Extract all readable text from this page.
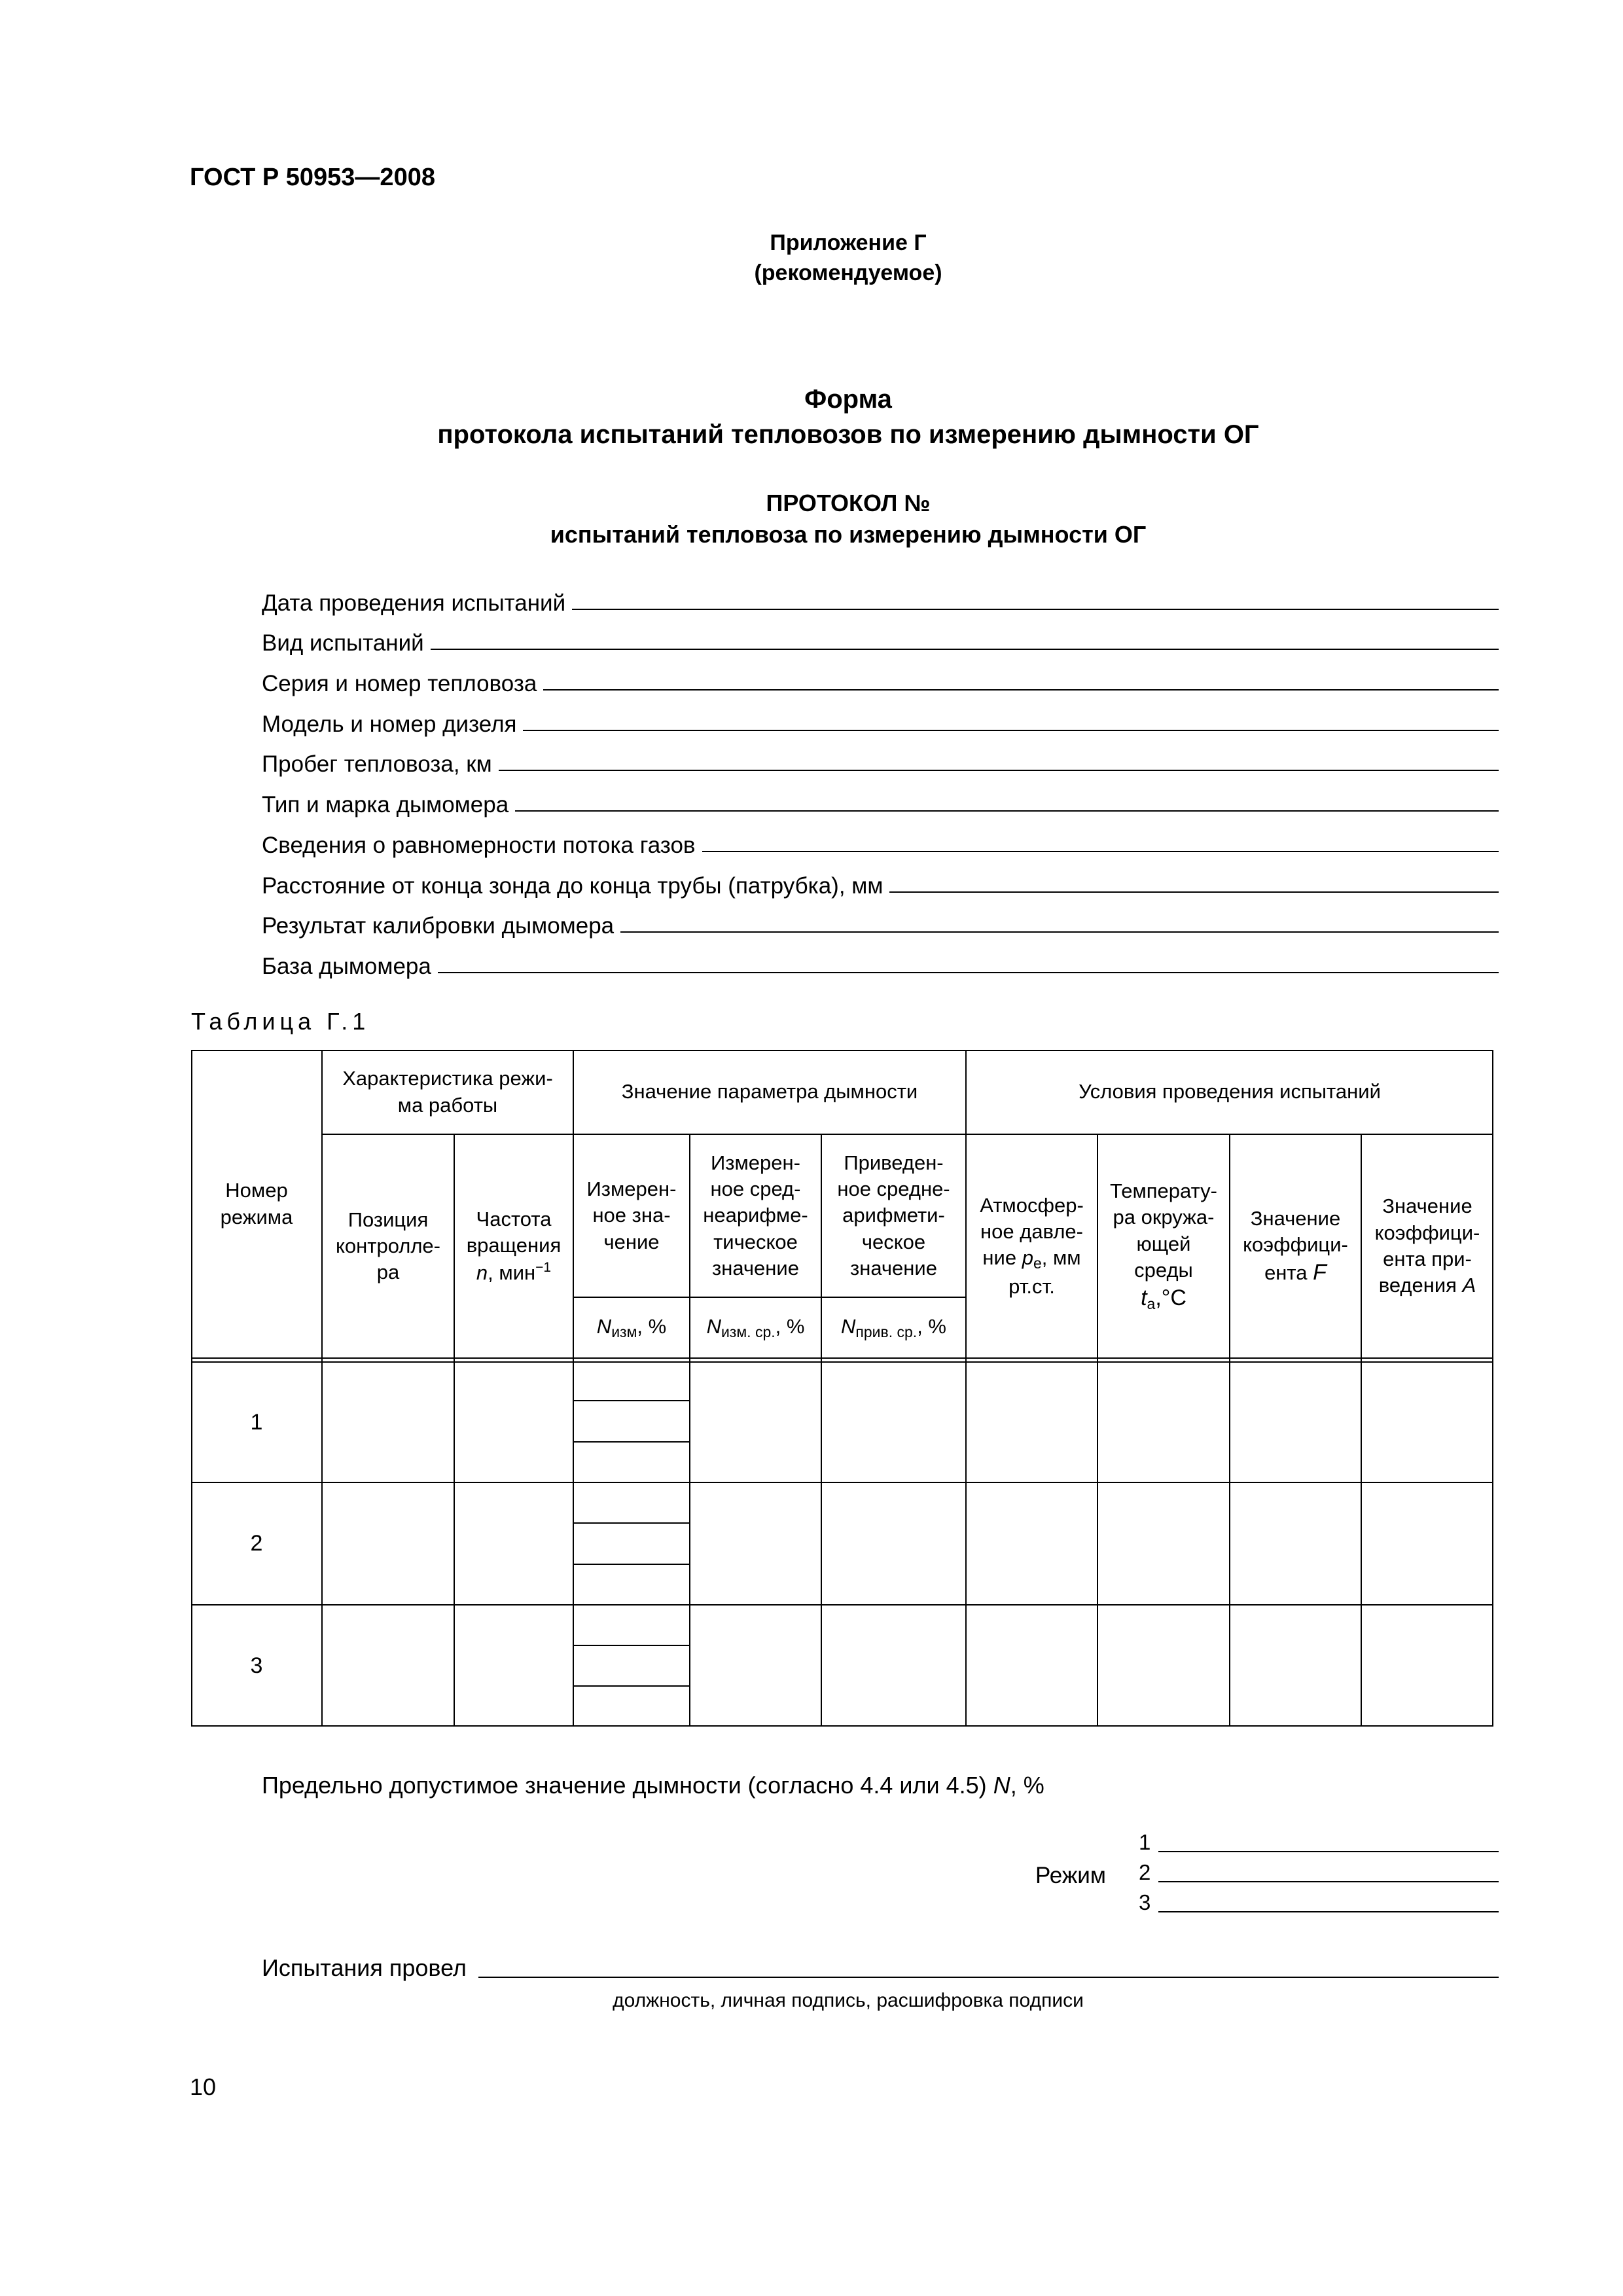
ГОСТ Р 50953—2008
Приложение Г
(рекомендуемое)
Форма
протокола испытаний тепловозов по измерению дымности ОГ
ПРОТОКОЛ №
испытаний тепловоза по измерению дымности ОГ
Дата проведения испытаний
Вид испытаний
Серия и номер тепловоза
Модель и номер дизеля
Пробег тепловоза, км
Тип и марка дымомера
Сведения о равномерности потока газов
Расстояние от конца зонда до конца трубы (патрубка), мм
Результат калибровки дымомера
База дымомера
Таблица Г.1
Характеристика режи-ма работы
Значение параметра дымности	Условия проведения испытаний
Номер режима	Позиция контролле-ра
Частота вращения
n, мин$^{-1}$
Измерен-ное зна-чение
Измерен-ное сред-неарифме-тическое значение
Приведен-ное средне-арифмети-ческое значение
$N_{изм}$, % $N_{изм. ср.}$, % $N_{прив. ср.}$, %
Атмосфер-ное давле-ние $p_e$, мм рт.ст.
Температу-ра окружа-ющей среды
$t_a,^\circ С$
Значение коэффици-ента F
Значение коэффици-ента при-ведения A
1
2
3
Предельно допустимое значение дымности (согласно 4.4 или 4.5) N, %
Режим
1
2
3
Испытания провел
должность, личная подпись, расшифровка подписи
10
